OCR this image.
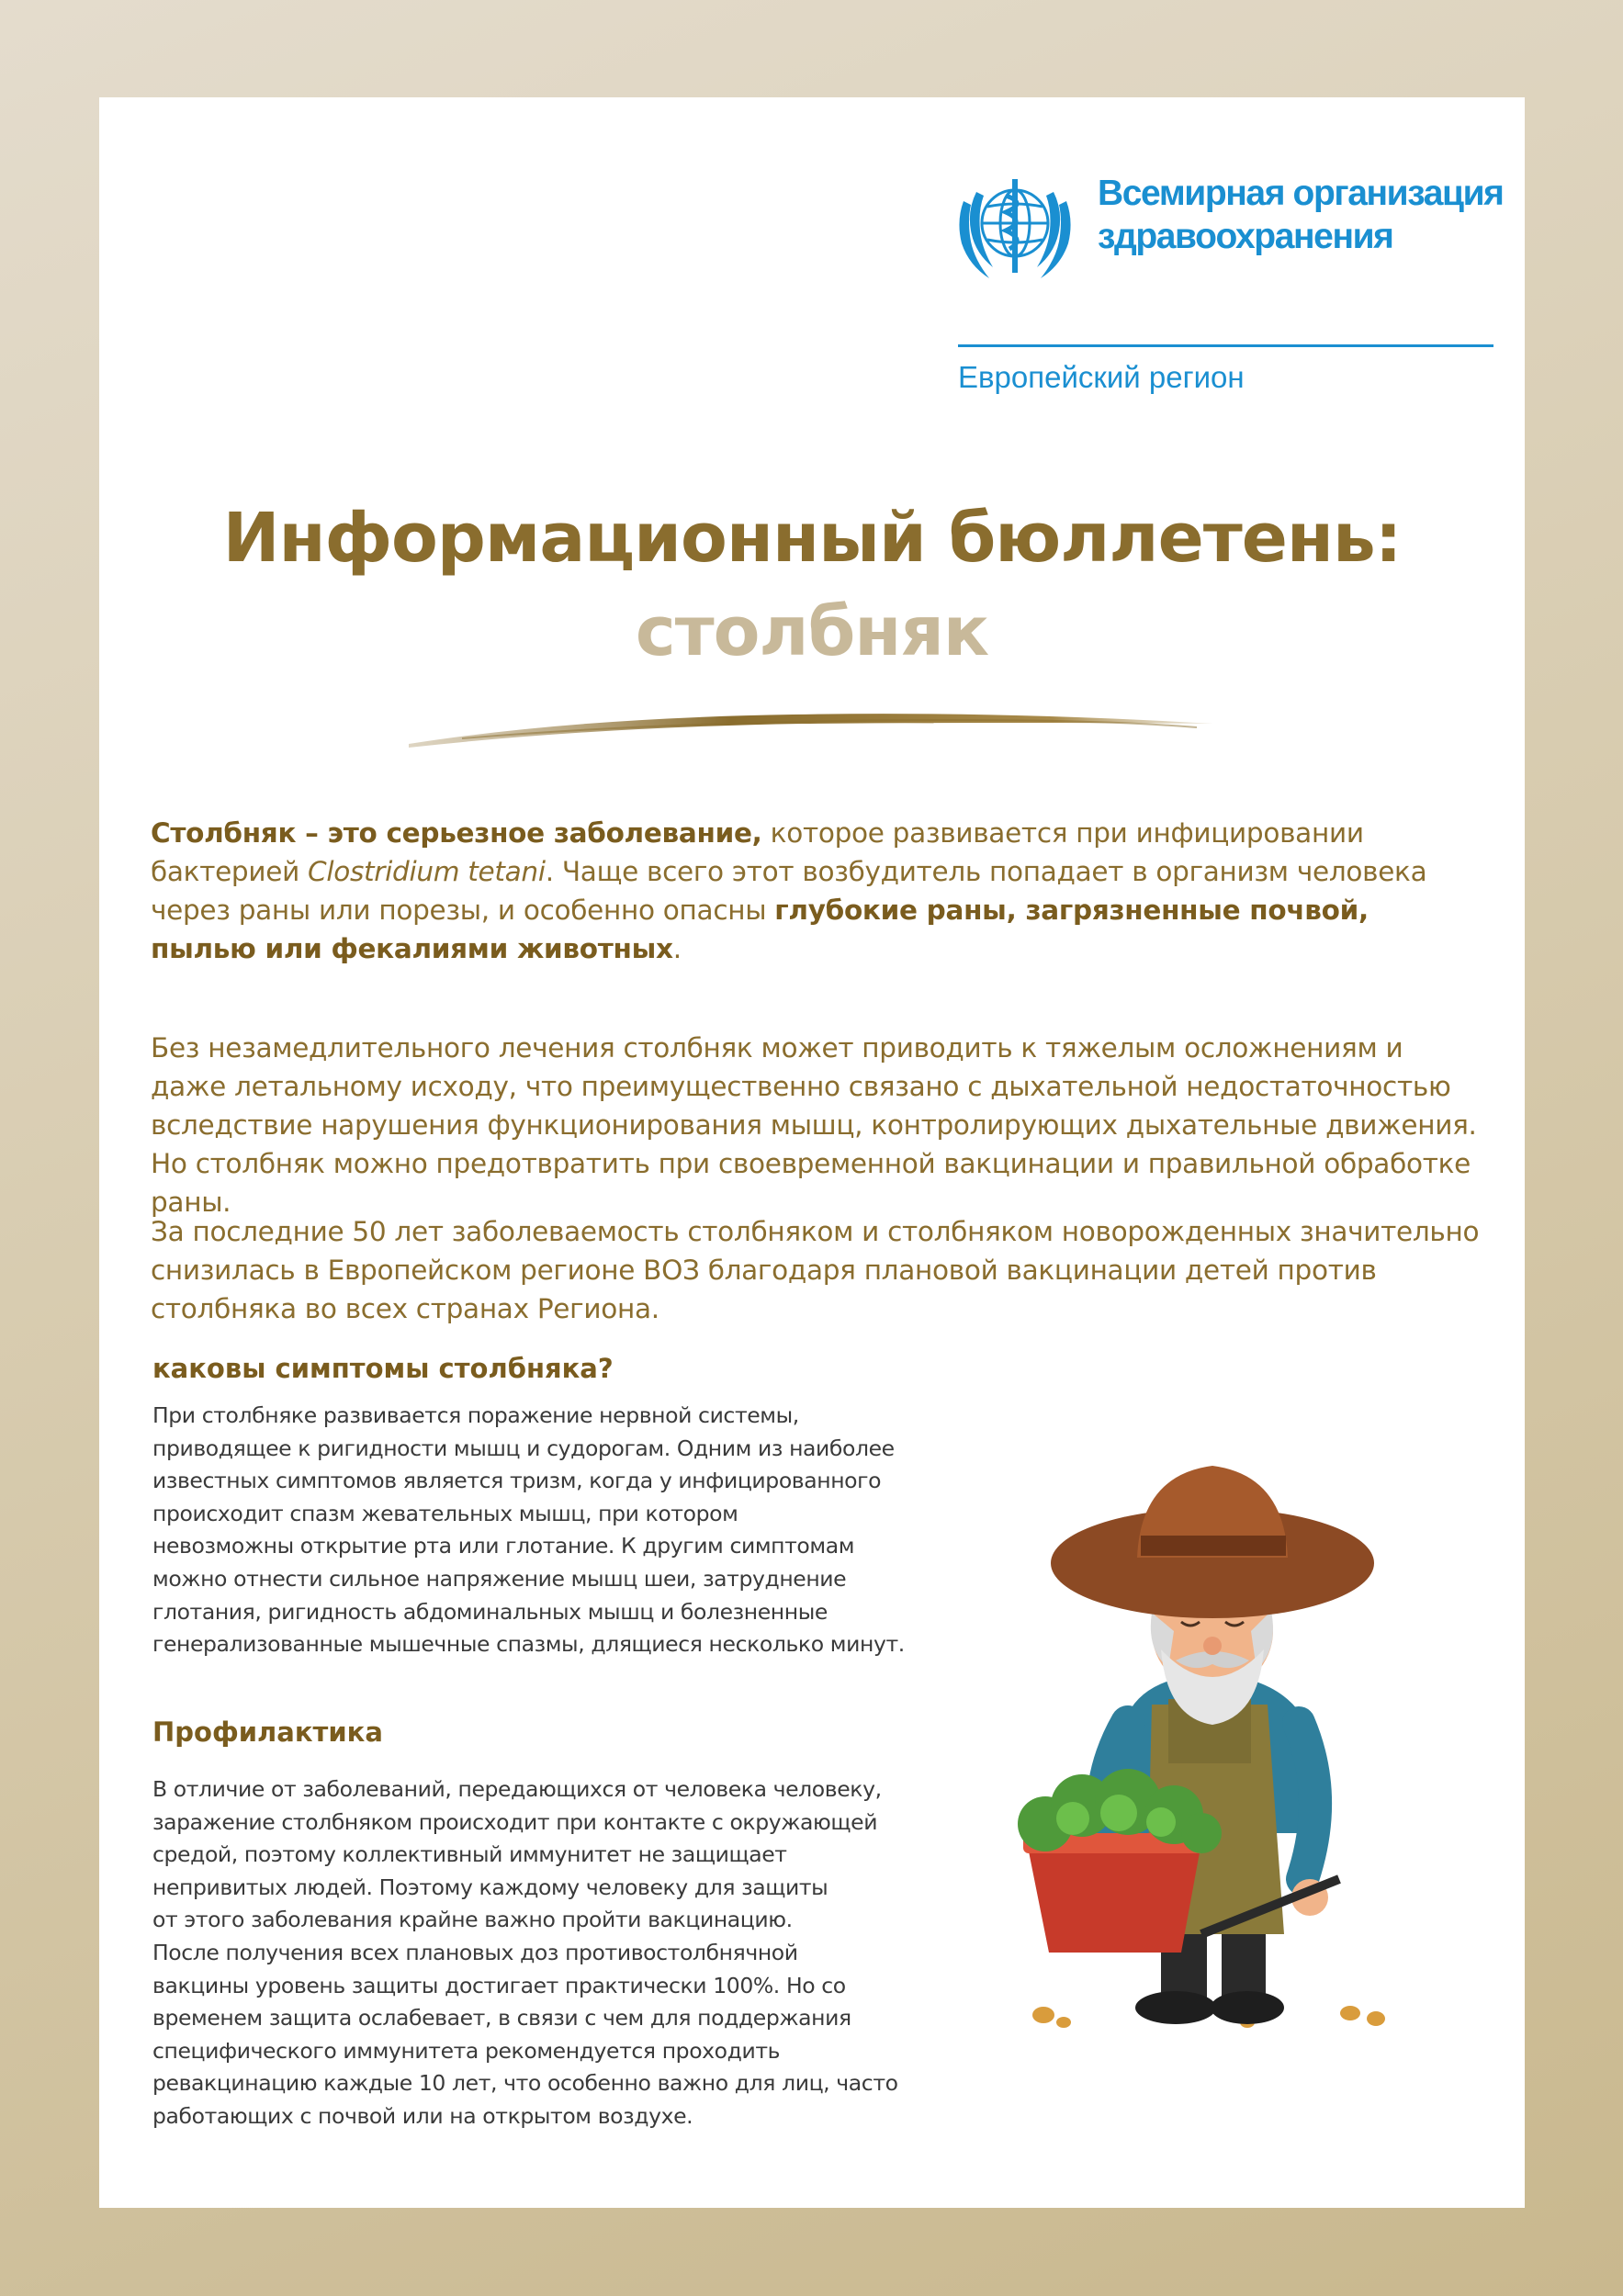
Всемирная организация
здравоохранения
Европейский регион
Информационный бюллетень:
столбняк

Столбняк – это серьезное заболевание, которое развивается при инфицировании бактерией Clostridium tetani. Чаще всего этот возбудитель попадает в организм человека через раны или порезы, и особенно опасны глубокие раны, загрязненные почвой, пылью или фекалиями животных.

Без незамедлительного лечения столбняк может приводить к тяжелым осложнениям и даже летальному исходу, что преимущественно связано с дыхательной недостаточностью вследствие нарушения функционирования мышц, контролирующих дыхательные движения. Но столбняк можно предотвратить при своевременной вакцинации и правильной обработке раны.

За последние 50 лет заболеваемость столбняком и столбняком новорожденных значительно снизилась в Европейском регионе ВОЗ благодаря плановой вакцинации детей против столбняка во всех странах Региона.

каковы симптомы столбняка?
При столбняке развивается поражение нервной системы,
приводящее к ригидности мышц и судорогам. Одним из наиболее
известных симптомов является тризм, когда у инфицированного
происходит спазм жевательных мышц, при котором
невозможны открытие рта или глотание. К другим симптомам
можно отнести сильное напряжение мышц шеи, затруднение
глотания, ригидность абдоминальных мышц и болезненные
генерализованные мышечные спазмы, длящиеся несколько минут.
Профилактика
В отличие от заболеваний, передающихся от человека человеку,
заражение столбняком происходит при контакте с окружающей
средой, поэтому коллективный иммунитет не защищает
непривитых людей. Поэтому каждому человеку для защиты
от этого заболевания крайне важно пройти вакцинацию.
После получения всех плановых доз противостолбнячной
вакцины уровень защиты достигает практически 100%. Но со
временем защита ослабевает, в связи с чем для поддержания
специфического иммунитета рекомендуется проходить
ревакцинацию каждые 10 лет, что особенно важно для лиц, часто
работающих с почвой или на открытом воздухе.
